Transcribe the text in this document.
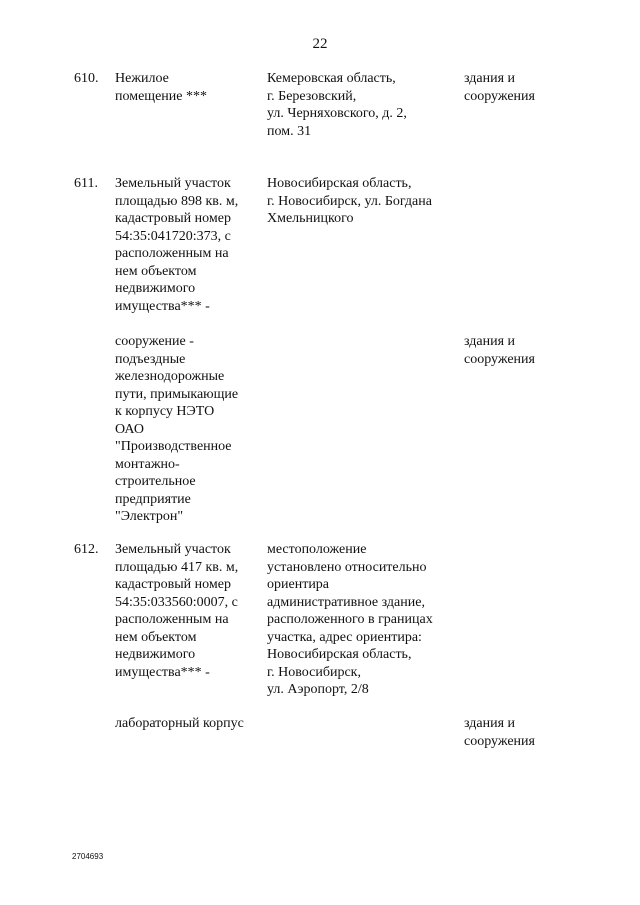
22
610. Нежилое
помещение ***
Кемеровская область,
г. Березовский,
ул. Черняховского, д. 2,
пом. 31
здания и
сооружения
611. Земельный участок
площадью 898 кв. м,
кадастровый номер
54:35:041720:373, с
расположенным на
нем объектом
недвижимого
имущества*** -
Новосибирская область,
г. Новосибирск, ул. Богдана
Хмельницкого
сооружение -
подъездные
железнодорожные
пути, примыкающие
к корпусу НЭТО
ОАО
"Производственное
монтажно-
строительное
предприятие
"Электрон"
здания и
сооружения
612. Земельный участок
площадью 417 кв. м,
кадастровый номер
54:35:033560:0007, с
расположенным на
нем объектом
недвижимого
имущества*** -
местоположение
установлено относительно
ориентира
административное здание,
расположенного в границах
участка, адрес ориентира:
Новосибирская область,
г. Новосибирск,
ул. Аэропорт, 2/8
лабораторный корпус	здания и
сооружения
2704693
